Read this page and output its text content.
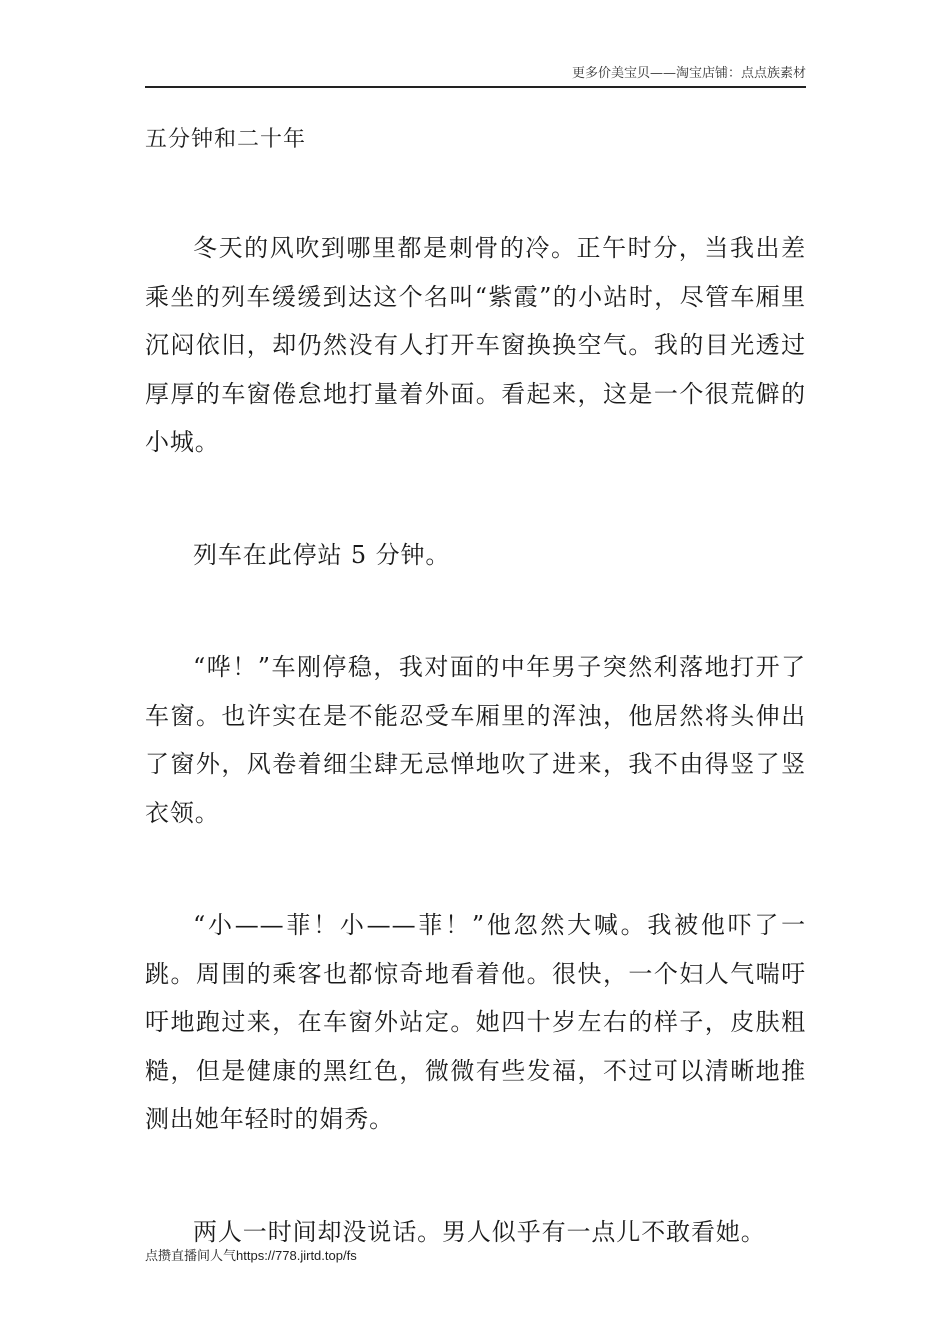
更多价美宝贝——淘宝店铺：点点族素材
五分钟和二十年

冬天的风吹到哪里都是刺骨的冷。正午时分，当我出差乘坐的列车缓缓到达这个名叫“紫霞”的小站时，尽管车厢里沉闷依旧，却仍然没有人打开车窗换换空气。我的目光透过厚厚的车窗倦怠地打量着外面。看起来，这是一个很荒僻的小城。

列车在此停站 5 分钟。

“哗！”车刚停稳，我对面的中年男子突然利落地打开了车窗。也许实在是不能忍受车厢里的浑浊，他居然将头伸出了窗外，风卷着细尘肆无忌惮地吹了进来，我不由得竖了竖衣领。

“小——菲！小——菲！”他忽然大喊。我被他吓了一跳。周围的乘客也都惊奇地看着他。很快，一个妇人气喘吁吁地跑过来，在车窗外站定。她四十岁左右的样子，皮肤粗糙，但是健康的黑红色，微微有些发福，不过可以清晰地推测出她年轻时的娟秀。

两人一时间却没说话。男人似乎有一点儿不敢看她。

点攒直播间人气https://778.jirtd.top/fs
